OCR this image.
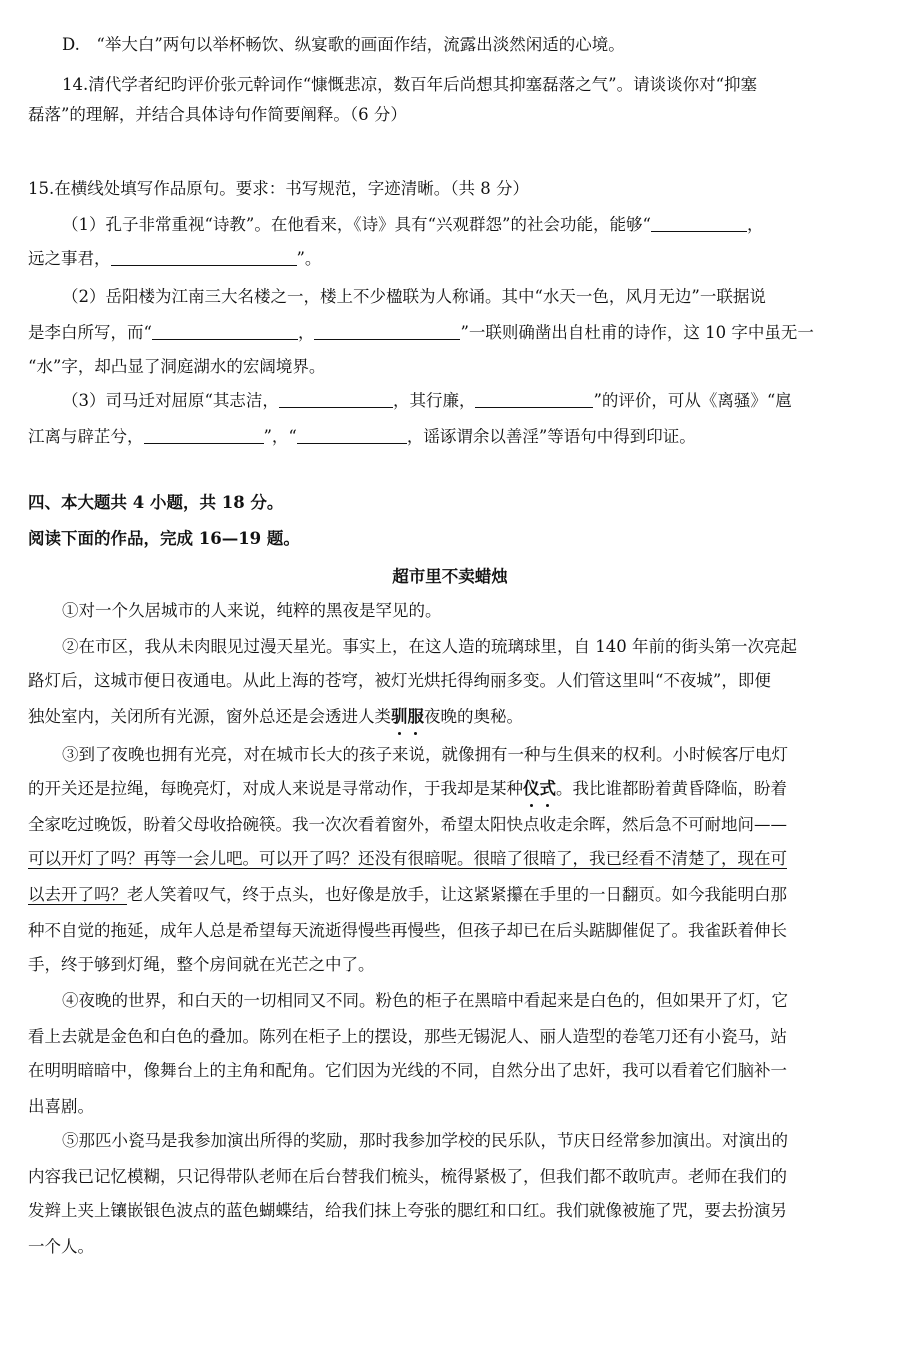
D.　“举大白”两句以举杯畅饮、纵宴歌的画面作结，流露出淡然闲适的心境。
14.清代学者纪昀评价张元幹词作“慷慨悲凉，数百年后尚想其抑塞磊落之气”。请谈谈你对“抑塞
磊落”的理解，并结合具体诗句作简要阐释。（6 分）
15.在横线处填写作品原句。要求：书写规范，字迹清晰。（共 8 分）
（1）孔子非常重视“诗教”。在他看来，《诗》具有“兴观群怨”的社会功能，能够“	，
远之事君，	”。
（2）岳阳楼为江南三大名楼之一，楼上不少楹联为人称诵。其中“水天一色，风月无边”一联据说
是李白所写，而“	，	”一联则确凿出自杜甫的诗作，这 10 字中虽无一
“水”字，却凸显了洞庭湖水的宏阔境界。
（3）司马迁对屈原“其志洁，	，其行廉，	”的评价，可从《离骚》“扈
江离与辟芷兮，	”，“	，谣诼谓余以善淫”等语句中得到印证。
四、本大题共 4 小题，共 18 分。
阅读下面的作品，完成 16—19 题。
超市里不卖蜡烛
①对一个久居城市的人来说，纯粹的黑夜是罕见的。
②在市区，我从未肉眼见过漫天星光。事实上，在这人造的琉璃球里，自 140 年前的街头第一次亮起
路灯后，这城市便日夜通电。从此上海的苍穹，被灯光烘托得绚丽多变。人们管这里叫“不夜城”，即便
独处室内，关闭所有光源，窗外总还是会透进人类驯服夜晚的奥秘。
③到了夜晚也拥有光亮，对在城市长大的孩子来说，就像拥有一种与生俱来的权利。小时候客厅电灯
的开关还是拉绳，每晚亮灯，对成人来说是寻常动作，于我却是某种仪式。我比谁都盼着黄昏降临，盼着
全家吃过晚饭，盼着父母收拾碗筷。我一次次看着窗外，希望太阳快点收走余晖，然后急不可耐地问——
可以开灯了吗？再等一会儿吧。可以开了吗？还没有很暗呢。很暗了很暗了，我已经看不清楚了，现在可
以去开了吗？老人笑着叹气，终于点头，也好像是放手，让这紧紧攥在手里的一日翻页。如今我能明白那
种不自觉的拖延，成年人总是希望每天流逝得慢些再慢些，但孩子却已在后头踮脚催促了。我雀跃着伸长
手，终于够到灯绳，整个房间就在光芒之中了。
④夜晚的世界，和白天的一切相同又不同。粉色的柜子在黑暗中看起来是白色的，但如果开了灯，它
看上去就是金色和白色的叠加。陈列在柜子上的摆设，那些无锡泥人、丽人造型的卷笔刀还有小瓷马，站
在明明暗暗中，像舞台上的主角和配角。它们因为光线的不同，自然分出了忠奸，我可以看着它们脑补一
出喜剧。
⑤那匹小瓷马是我参加演出所得的奖励，那时我参加学校的民乐队，节庆日经常参加演出。对演出的
内容我已记忆模糊，只记得带队老师在后台替我们梳头，梳得紧极了，但我们都不敢吭声。老师在我们的
发辫上夹上镶嵌银色波点的蓝色蝴蝶结，给我们抹上夸张的腮红和口红。我们就像被施了咒，要去扮演另
一个人。
